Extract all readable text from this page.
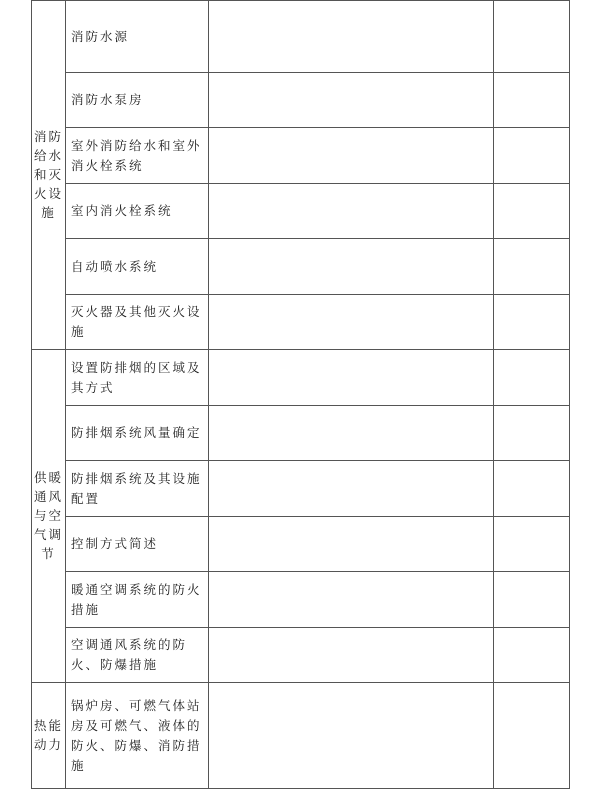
消防给水和灭火设施	消防水源		

	消防水泵房		

	室外消防给水和室外消火栓系统		

	室内消火栓系统		

	自动喷水系统		

	灭火器及其他灭火设施		

供暖通风与空气调节	设置防排烟的区域及其方式		

	防排烟系统风量确定		

	防排烟系统及其设施配置		

	控制方式简述		

	暖通空调系统的防火措施		

	空调通风系统的防火、防爆措施		

热能动力	锅炉房、可燃气体站房及可燃气、液体的防火、防爆、消防措施		
